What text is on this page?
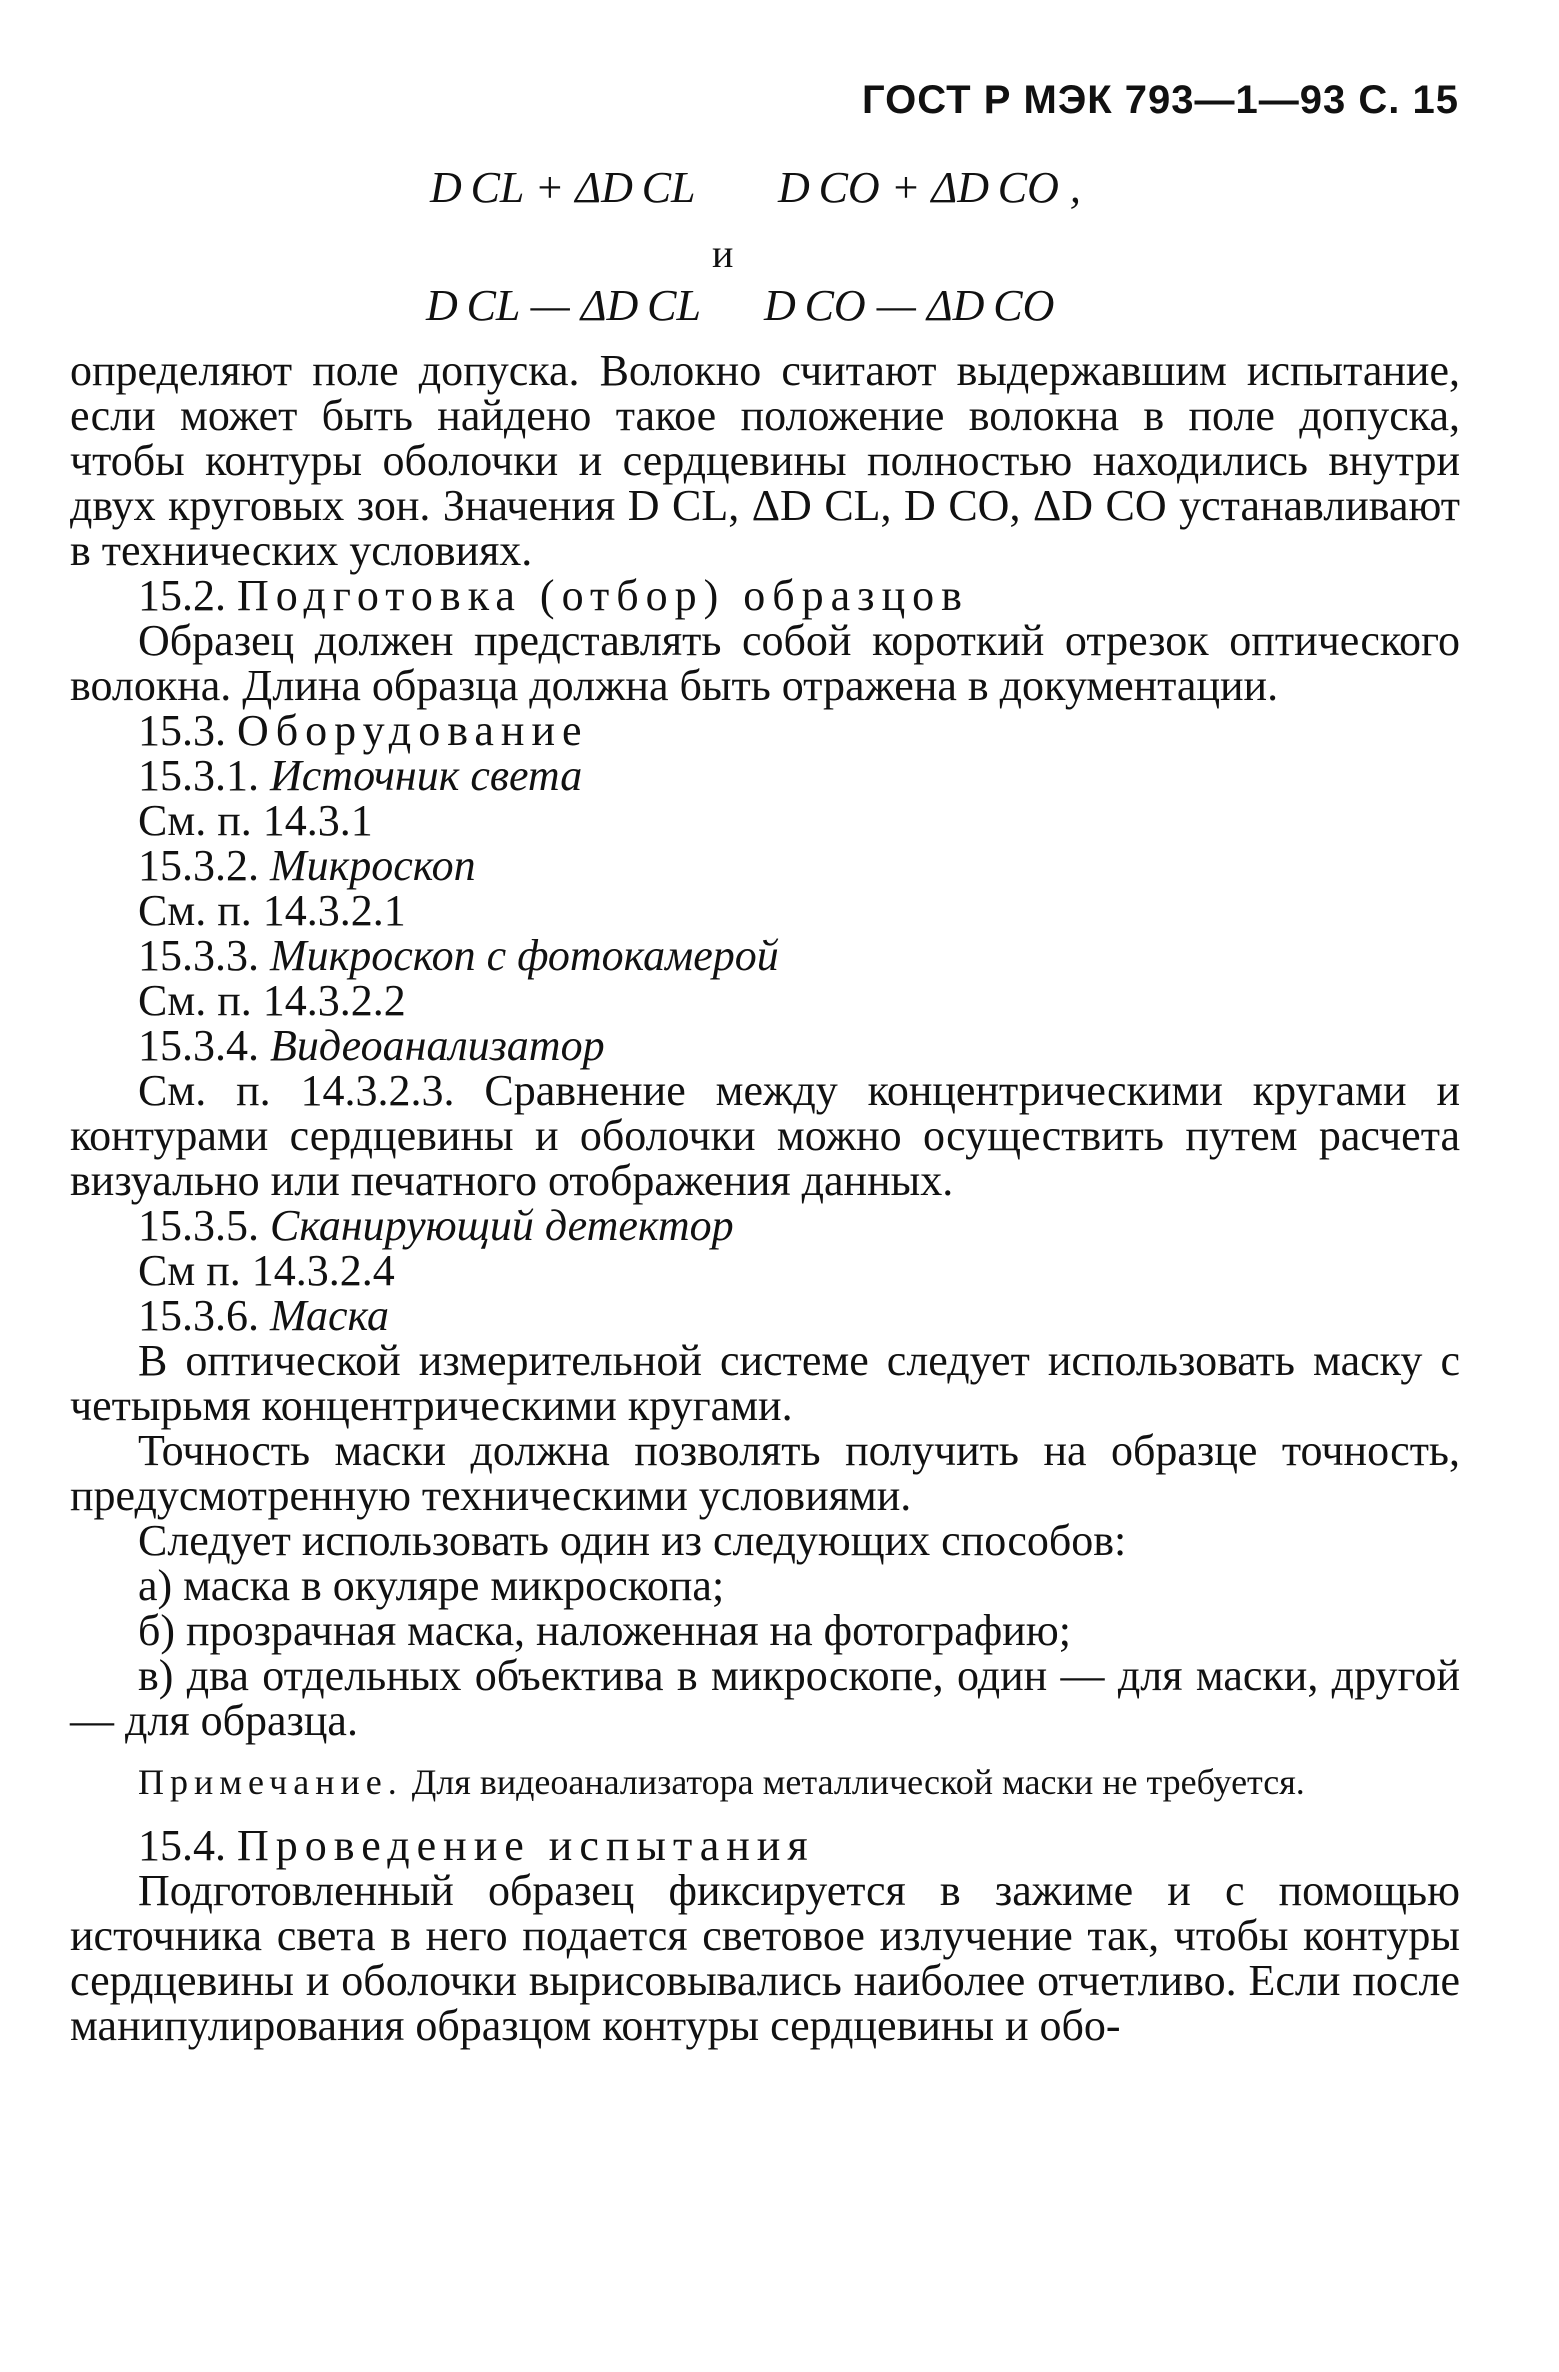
ГОСТ Р МЭК 793—1—93 С. 15
D CL + ΔD CL D CO + ΔD CO ,
и
D CL — ΔD CL D CO — ΔD CO

определяют поле допуска. Волокно считают выдержавшим испытание, если может быть найдено такое положение волокна в поле допуска, чтобы контуры оболочки и сердцевины полностью находились внутри двух круговых зон. Значения D CL, ΔD CL, D CO, ΔD CO устанавливают в технических условиях.

15.2. Подготовка (отбор) образцов

Образец должен представлять собой короткий отрезок оптического волокна. Длина образца должна быть отражена в документации.

15.3. Оборудование

15.3.1. Источник света

См. п. 14.3.1

15.3.2. Микроскоп

См. п. 14.3.2.1

15.3.3. Микроскоп с фотокамерой

См. п. 14.3.2.2

15.3.4. Видеоанализатор

См. п. 14.3.2.3. Сравнение между концентрическими кругами и контурами сердцевины и оболочки можно осуществить путем расчета визуально или печатного отображения данных.

15.3.5. Сканирующий детектор

См п. 14.3.2.4

15.3.6. Маска

В оптической измерительной системе следует использовать маску с четырьмя концентрическими кругами.

Точность маски должна позволять получить на образце точность, предусмотренную техническими условиями.

Следует использовать один из следующих способов:

а) маска в окуляре микроскопа;

б) прозрачная маска, наложенная на фотографию;

в) два отдельных объектива в микроскопе, один — для маски, другой — для образца.

Примечание. Для видеоанализатора металлической маски не требуется.

15.4. Проведение испытания

Подготовленный образец фиксируется в зажиме и с помощью источника света в него подается световое излучение так, чтобы контуры сердцевины и оболочки вырисовывались наиболее отчетливо. Если после манипулирования образцом контуры сердцевины и обо-
